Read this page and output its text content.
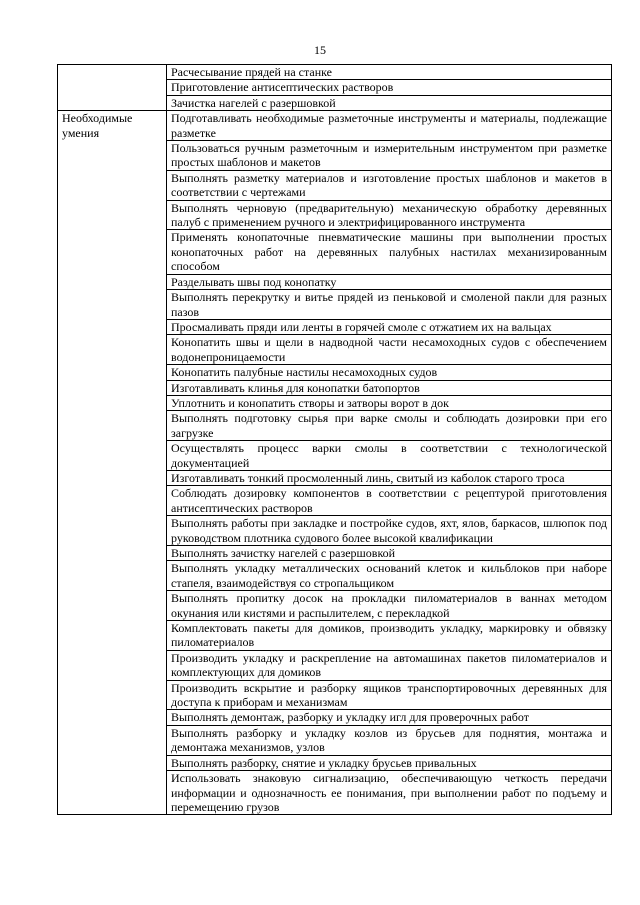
15
	Расчесывание прядей на станке
	Приготовление антисептических растворов
	Зачистка нагелей с разершовкой
Необходимые умения	Подготавливать необходимые разметочные инструменты и материалы, подлежащие разметке
	Пользоваться ручным разметочным и измерительным инструментом при разметке простых шаблонов и макетов
	Выполнять разметку материалов и изготовление простых шаблонов и макетов в соответствии с чертежами
	Выполнять черновую (предварительную) механическую обработку деревянных палуб с применением ручного и электрифицированного инструмента
	Применять конопаточные пневматические машины при выполнении простых конопаточных работ на деревянных палубных настилах механизированным способом
	Разделывать швы под конопатку
	Выполнять перекрутку и витье прядей из пеньковой и смоленой пакли для разных пазов
	Просмаливать пряди или ленты в горячей смоле с отжатием их на вальцах
	Конопатить швы и щели в надводной части несамоходных судов с обеспечением водонепроницаемости
	Конопатить палубные настилы несамоходных судов
	Изготавливать клинья для конопатки батопортов
	Уплотнить и конопатить створы и затворы ворот в док
	Выполнять подготовку сырья при варке смолы и соблюдать дозировки при его загрузке
	Осуществлять процесс варки смолы в соответствии с технологической документацией
	Изготавливать тонкий просмоленный линь, свитый из каболок старого троса
	Соблюдать дозировку компонентов в соответствии с рецептурой приготовления антисептических растворов
	Выполнять работы при закладке и постройке судов, яхт, ялов, баркасов, шлюпок под руководством плотника судового более высокой квалификации
	Выполнять зачистку нагелей с разершовкой
	Выполнять укладку металлических оснований клеток и кильблоков при наборе стапеля, взаимодействуя со стропальщиком
	Выполнять пропитку досок на прокладки пиломатериалов в ваннах методом окунания или кистями и распылителем, с перекладкой
	Комплектовать пакеты для домиков, производить укладку, маркировку и обвязку пиломатериалов
	Производить укладку и раскрепление на автомашинах пакетов пиломатериалов и комплектующих для домиков
	Производить вскрытие и разборку ящиков транспортировочных деревянных для доступа к приборам и механизмам
	Выполнять демонтаж, разборку и укладку игл для проверочных работ
	Выполнять разборку и укладку козлов из брусьев для поднятия, монтажа и демонтажа механизмов, узлов
	Выполнять разборку, снятие и укладку брусьев привальных
	Использовать знаковую сигнализацию, обеспечивающую четкость передачи информации и однозначность ее понимания, при выполнении работ по подъему и перемещению грузов
